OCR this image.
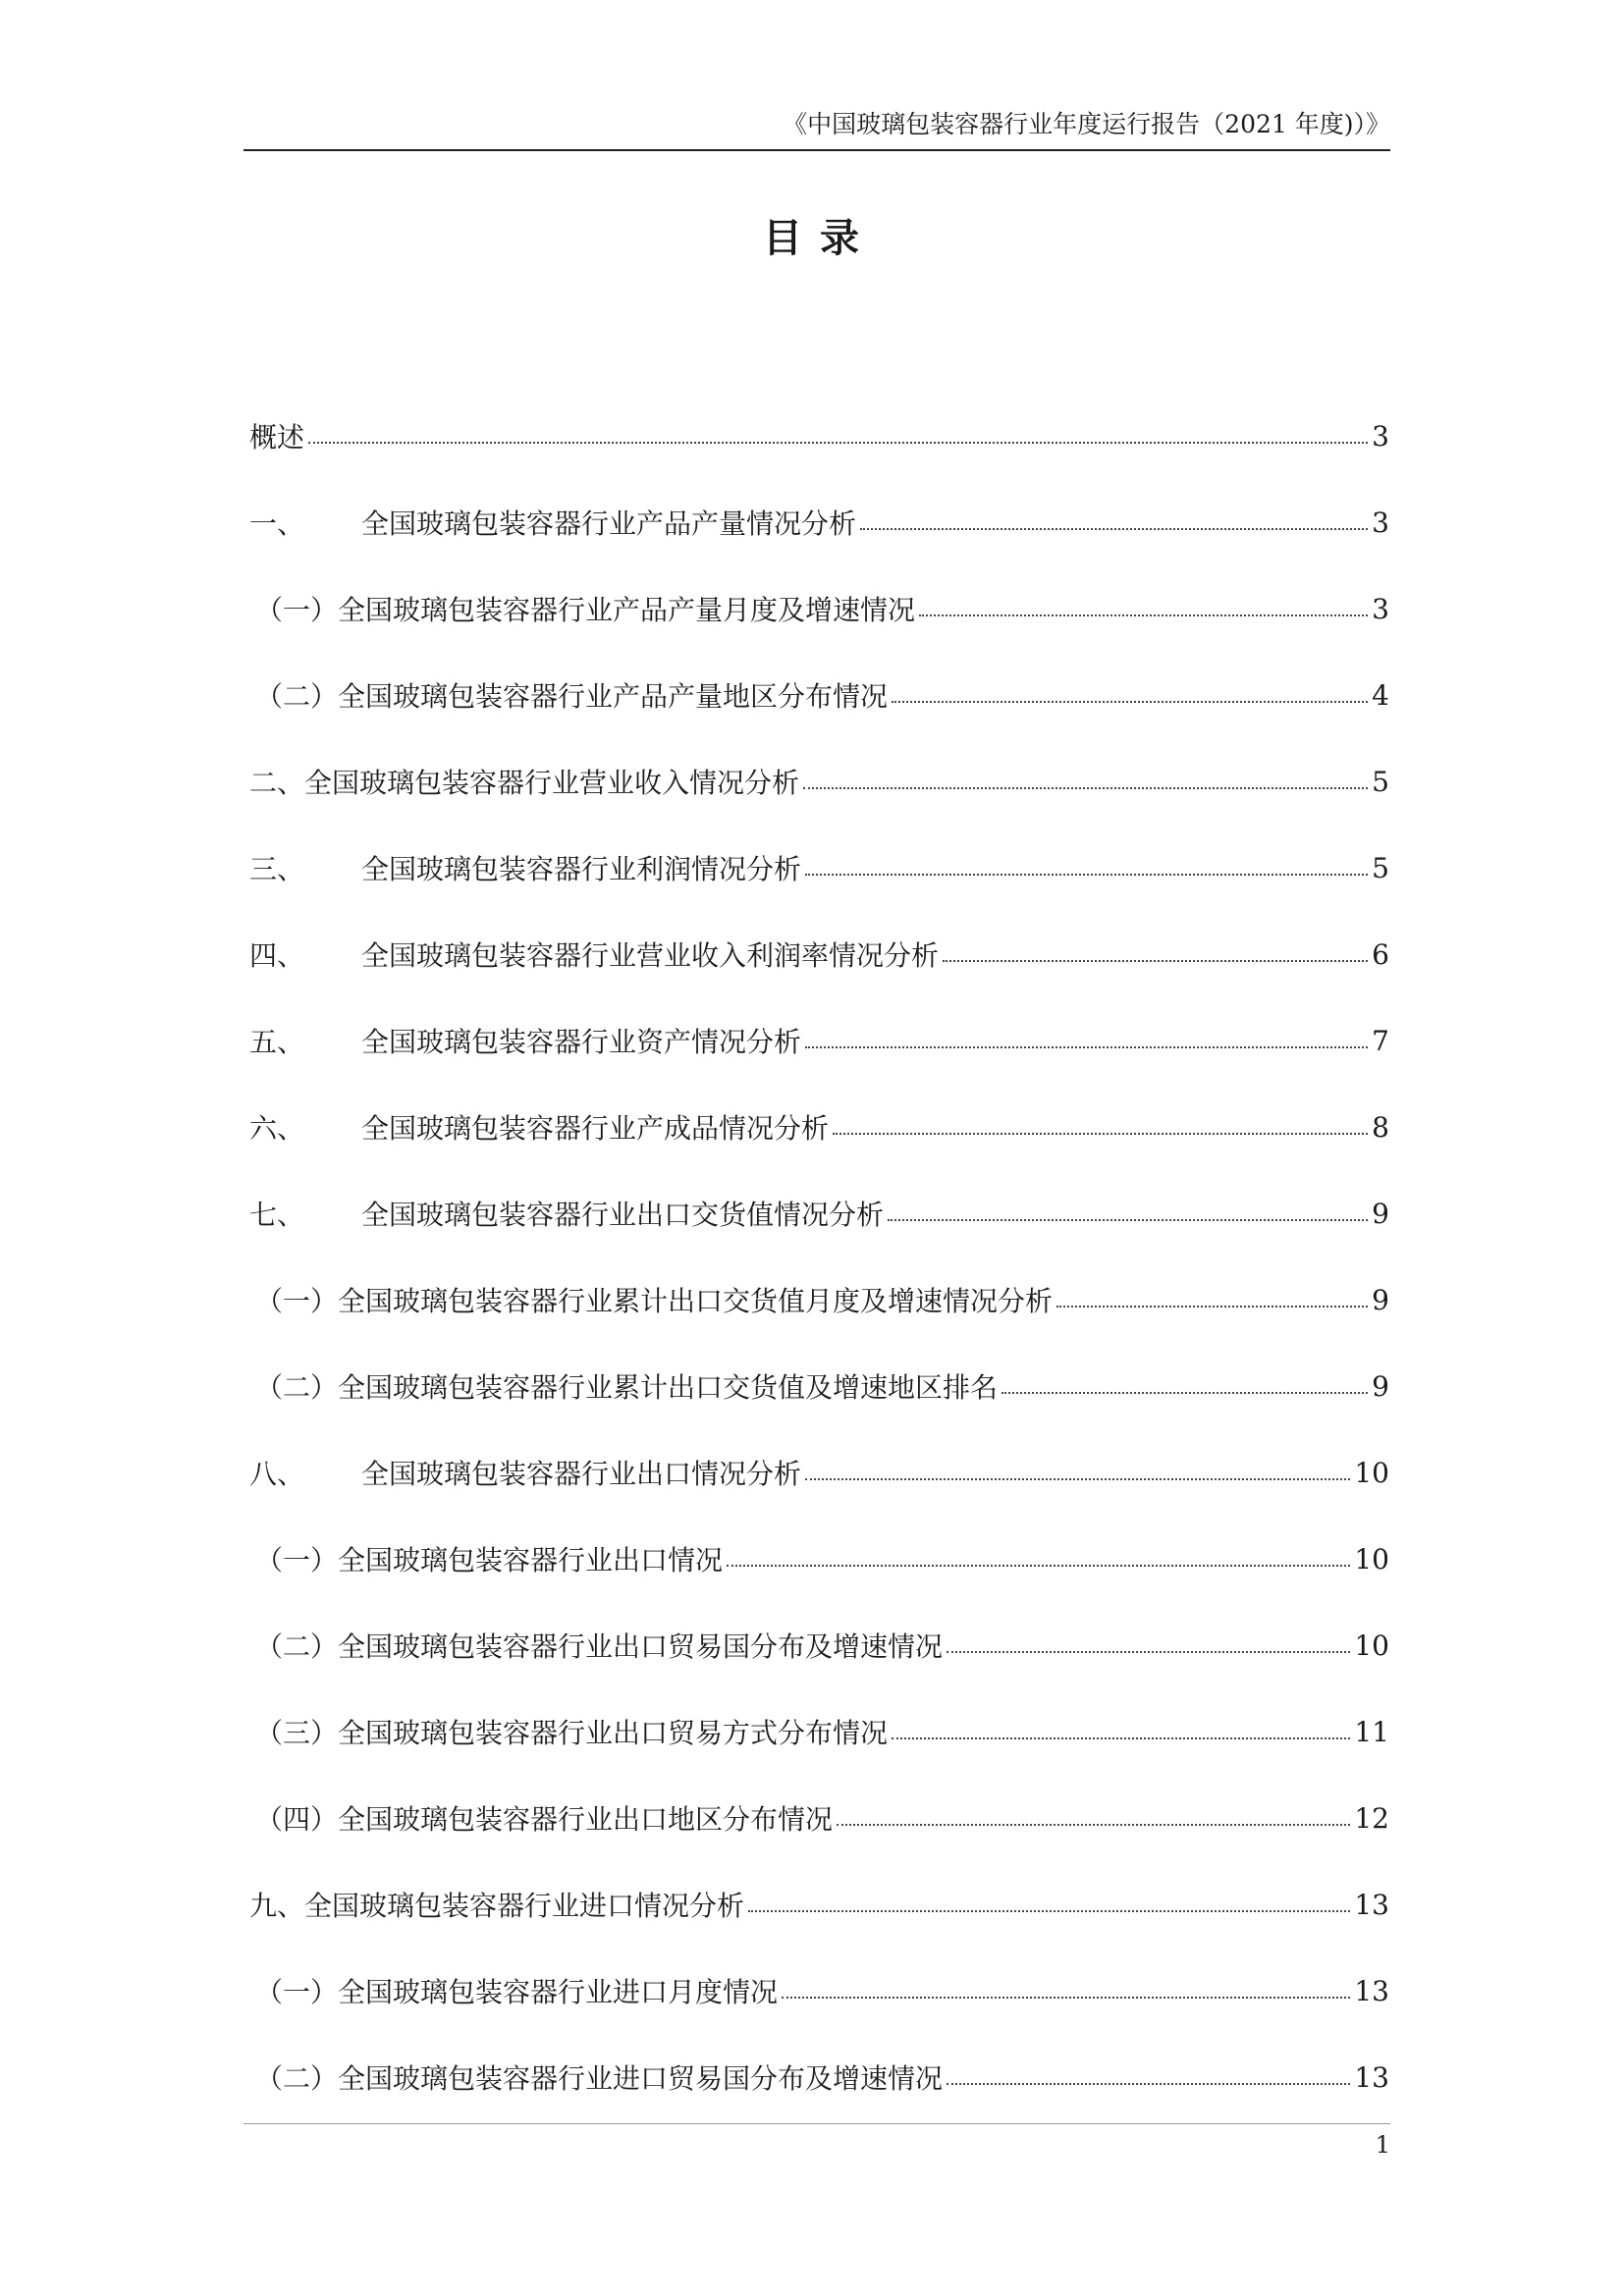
《中国玻璃包装容器行业年度运行报告（2021 年度)）》
目 录
概述	3
一、	全国玻璃包装容器行业产品产量情况分析	3
（一）全国玻璃包装容器行业产品产量月度及增速情况	3
（二）全国玻璃包装容器行业产品产量地区分布情况	4
二、全国玻璃包装容器行业营业收入情况分析	5
三、	全国玻璃包装容器行业利润情况分析	5
四、	全国玻璃包装容器行业营业收入利润率情况分析	6
五、	全国玻璃包装容器行业资产情况分析	7
六、	全国玻璃包装容器行业产成品情况分析	8
七、	全国玻璃包装容器行业出口交货值情况分析	9
（一）全国玻璃包装容器行业累计出口交货值月度及增速情况分析	9
（二）全国玻璃包装容器行业累计出口交货值及增速地区排名	9
八、	全国玻璃包装容器行业出口情况分析	10
（一）全国玻璃包装容器行业出口情况	10
（二）全国玻璃包装容器行业出口贸易国分布及增速情况	10
（三）全国玻璃包装容器行业出口贸易方式分布情况	11
（四）全国玻璃包装容器行业出口地区分布情况	12
九、全国玻璃包装容器行业进口情况分析	13
（一）全国玻璃包装容器行业进口月度情况	13
（二）全国玻璃包装容器行业进口贸易国分布及增速情况	13
1
